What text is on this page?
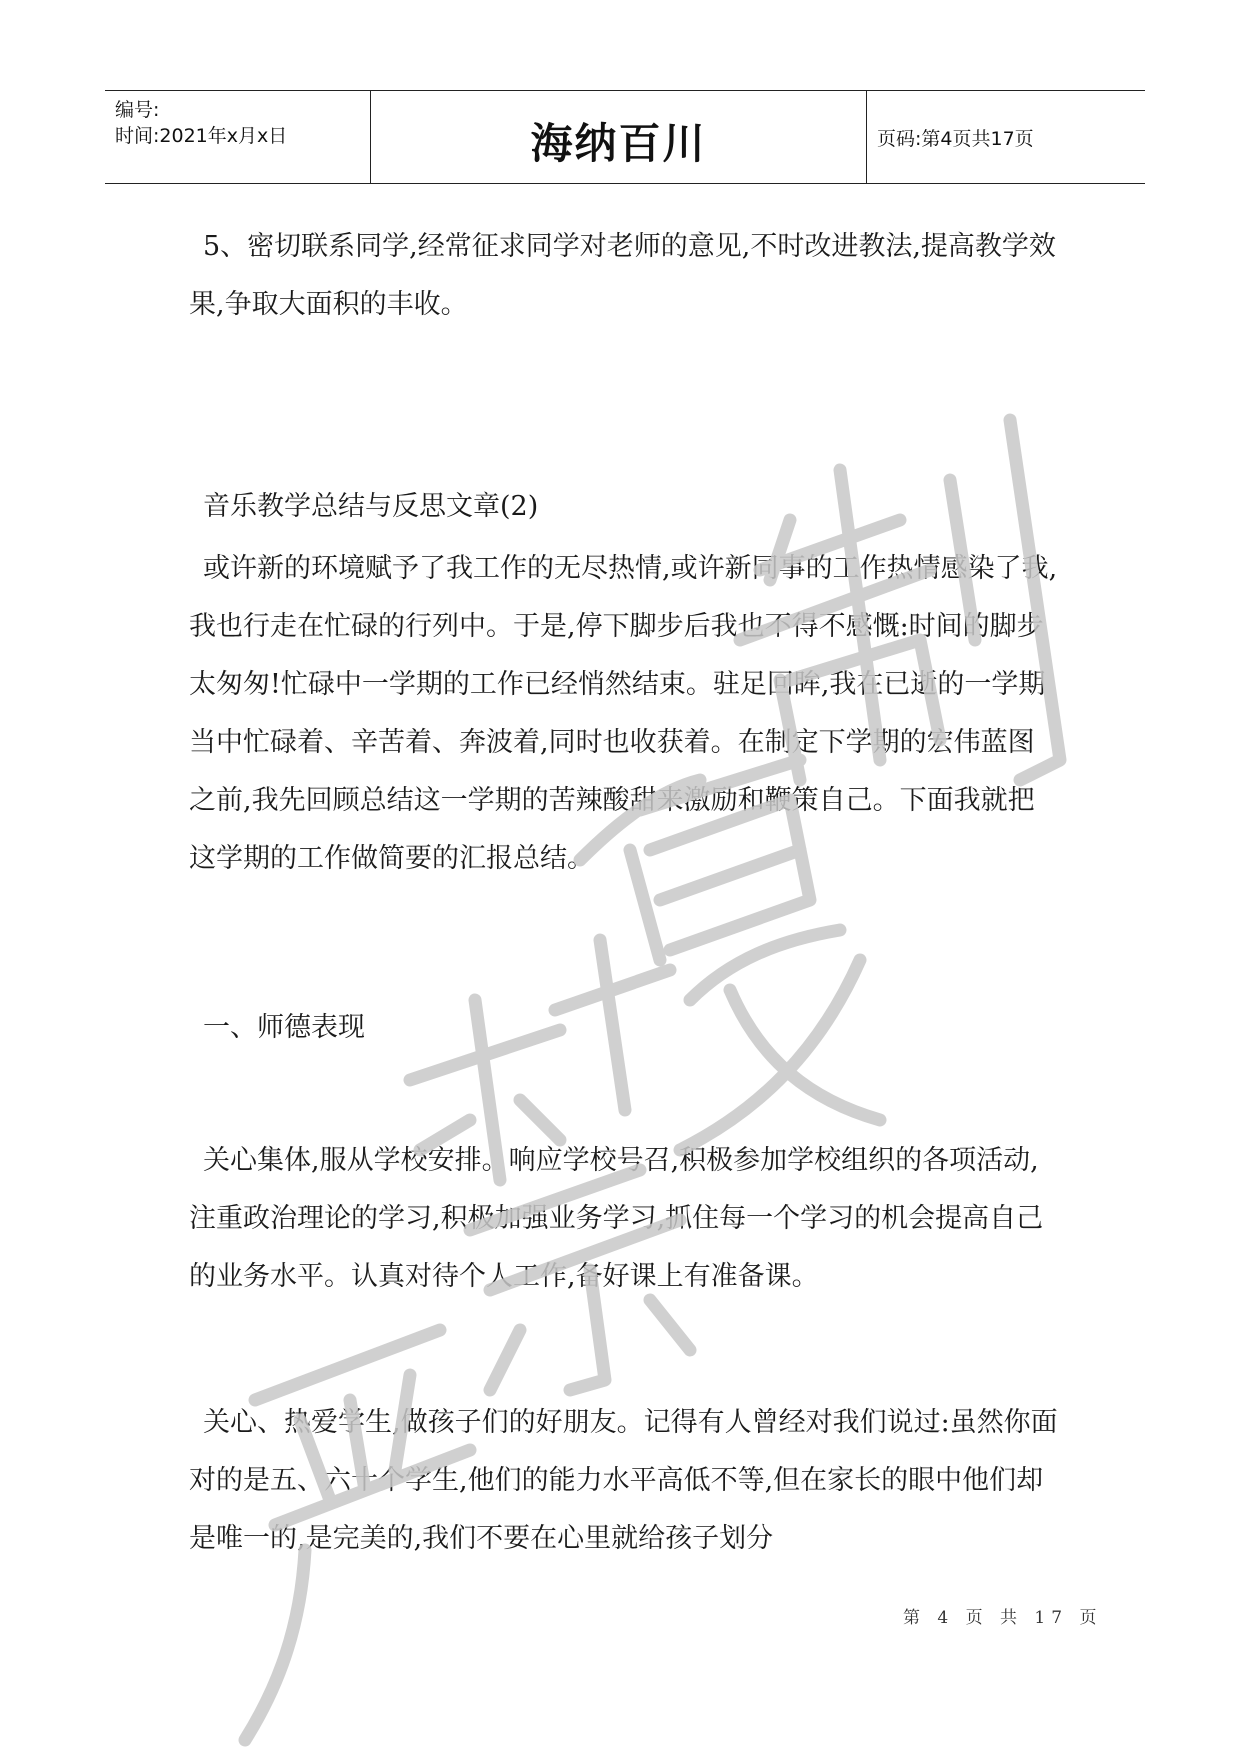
编号:
时间:2021年x月x日	海纳百川	页码:第4页共17页

5、密切联系同学,经常征求同学对老师的意见,不时改进教法,提高教学效果,争取大面积的丰收。

音乐教学总结与反思文章(2)

或许新的环境赋予了我工作的无尽热情,或许新同事的工作热情感染了我,我也行走在忙碌的行列中。于是,停下脚步后我也不得不感慨:时间的脚步太匆匆!忙碌中一学期的工作已经悄然结束。驻足回眸,我在已逝的一学期当中忙碌着、辛苦着、奔波着,同时也收获着。在制定下学期的宏伟蓝图之前,我先回顾总结这一学期的苦辣酸甜来激励和鞭策自己。下面我就把这学期的工作做简要的汇报总结。

一、师德表现

关心集体,服从学校安排。响应学校号召,积极参加学校组织的各项活动,注重政治理论的学习,积极加强业务学习,抓住每一个学习的机会提高自己的业务水平。认真对待个人工作,备好课上有准备课。

关心、热爱学生,做孩子们的好朋友。记得有人曾经对我们说过:虽然你面对的是五、六十个学生,他们的能力水平高低不等,但在家长的眼中他们却是唯一的,是完美的,我们不要在心里就给孩子划分

第 4 页 共 17 页
